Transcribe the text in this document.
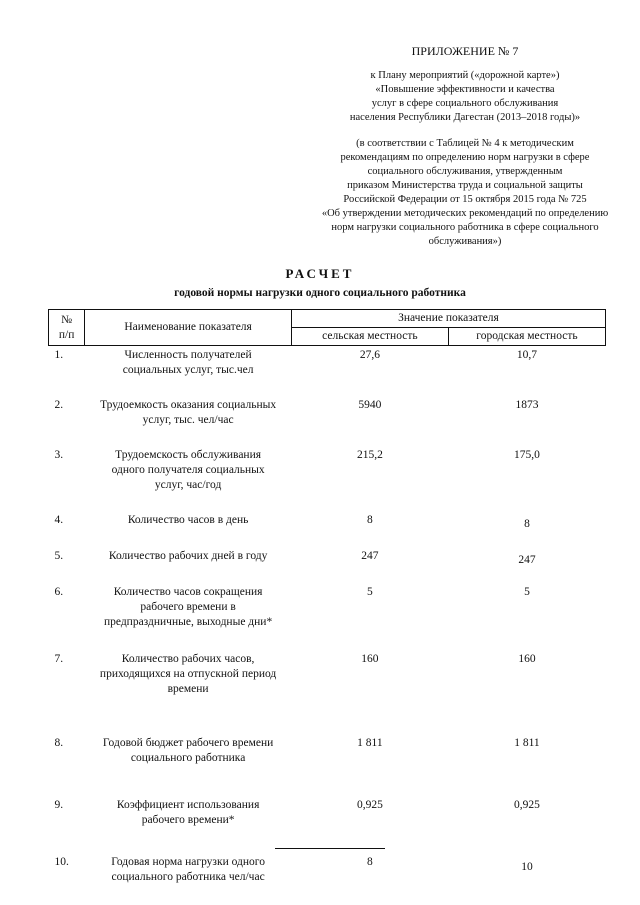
ПРИЛОЖЕНИЕ № 7
к Плану мероприятий («дорожной карте»)
«Повышение эффективности и качества
услуг в сфере социального обслуживания
населения Республики Дагестан (2013–2018 годы)»
(в соответствии с Таблицей № 4 к методическим
рекомендациям по определению норм нагрузки в сфере
социального обслуживания, утвержденным
приказом Министерства труда и социальной защиты
Российской Федерации от 15 октября 2015 года № 725
«Об утверждении методических рекомендаций по определению
норм нагрузки социального работника в сфере социального
обслуживания»)
РАСЧЕТ
годовой нормы нагрузки одного социального работника
№
п/п	Наименование показателя	Значение показателя	
		сельская местность	городская местность
1.	Численность получателей
социальных услуг, тыс.чел	27,6	10,7
2.	Трудоемкость оказания социальных
услуг, тыс. чел/час	5940	1873
3.	Трудоемскость обслуживания
одного получателя социальных
услуг, час/год	215,2	175,0
4.	Количество часов в день	8	8
5.	Количество рабочих дней в году	247	247
6.	Количество часов сокращения
рабочего времени в
предпраздничные, выходные дни*	5	5
7.	Количество рабочих часов,
приходящихся на отпускной период
времени	160	160
8.	Годовой бюджет рабочего времени
социального работника	1 811	1 811
9.	Коэффициент использования
рабочего времени*	0,925	0,925
10.	Годовая норма нагрузки одного
социального работника чел/час	8	10
